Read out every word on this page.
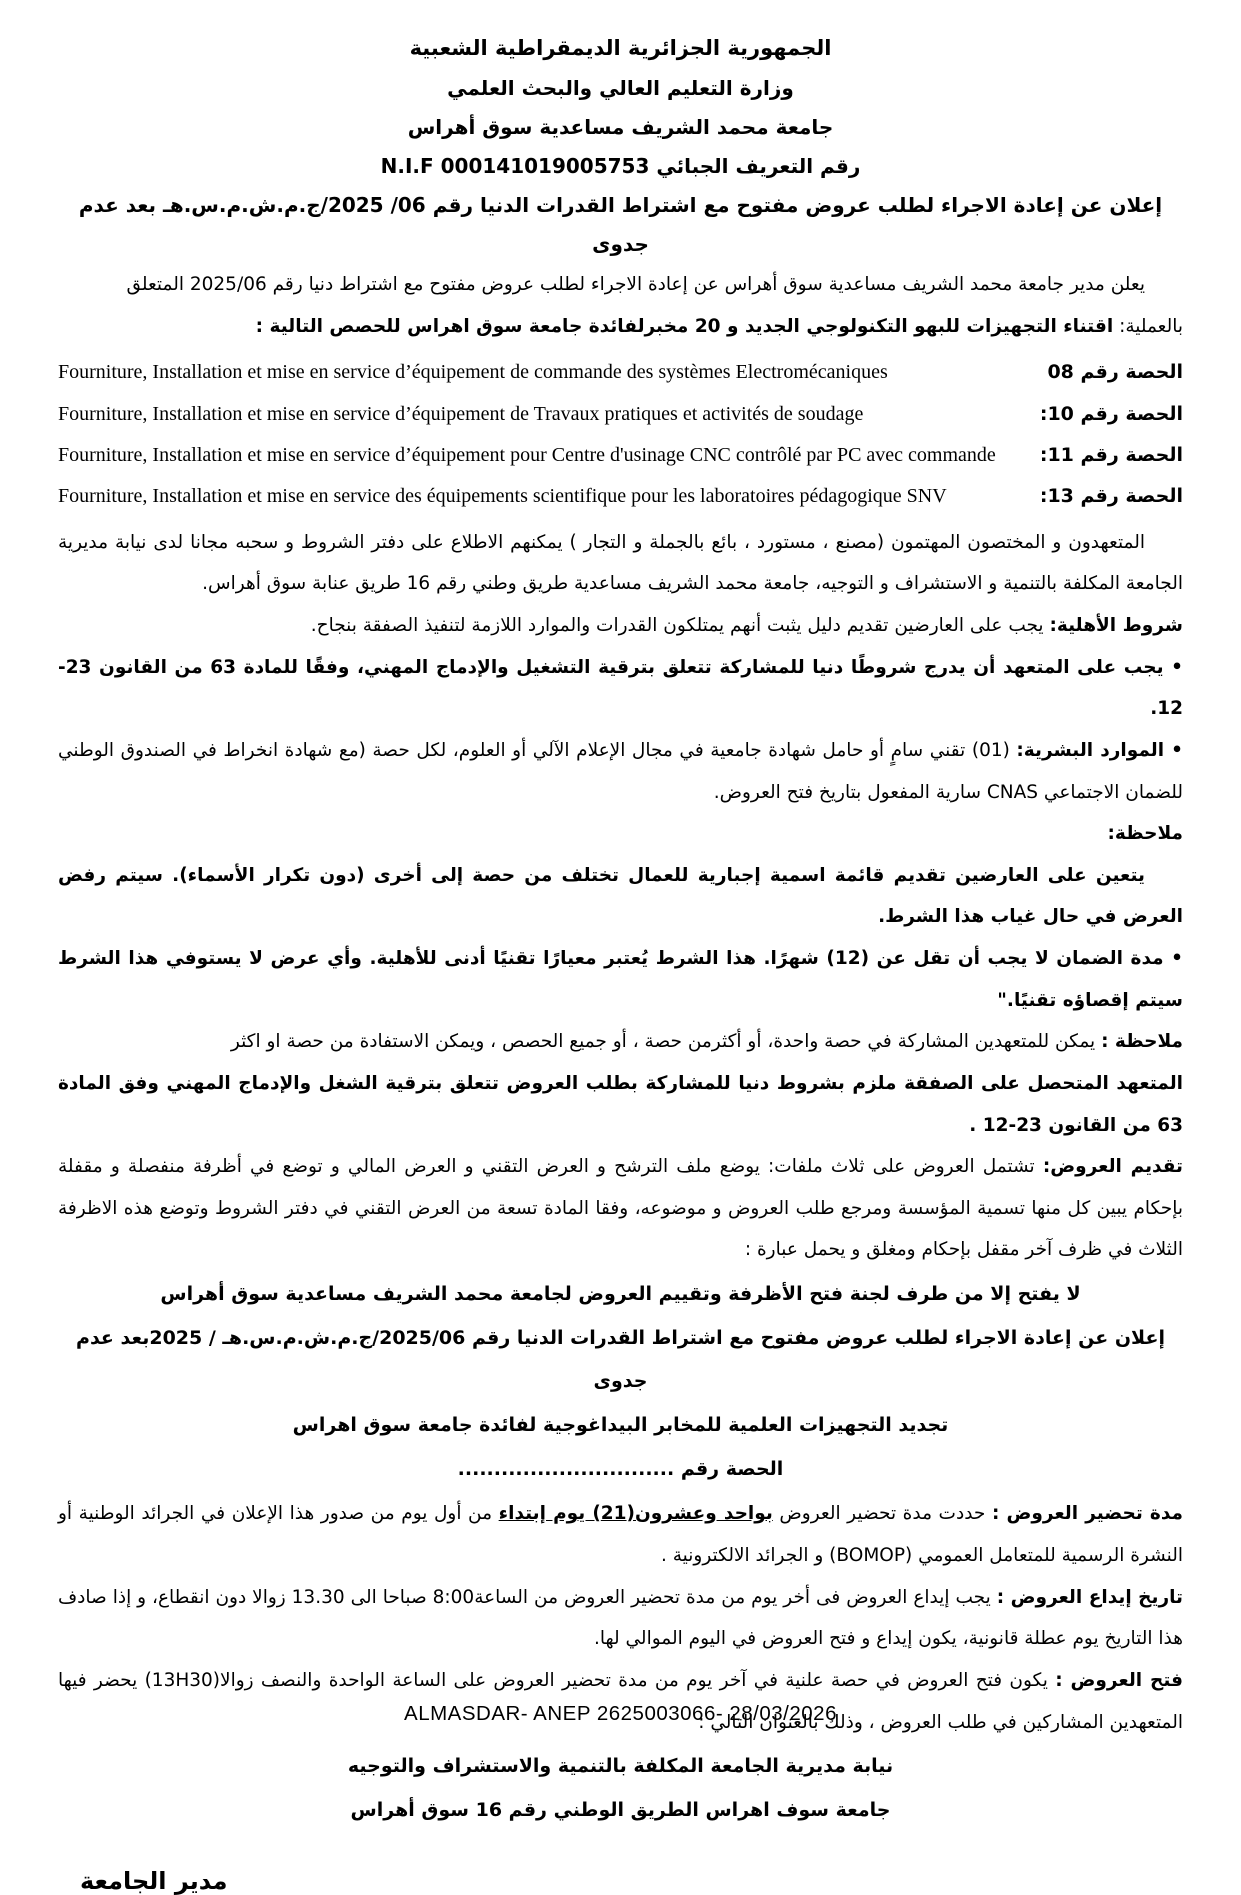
الجمهورية الجزائرية الديمقراطية الشعبية
وزارة التعليم العالي والبحث العلمي
جامعة محمد الشريف مساعدية سوق أهراس
رقم التعريف الجبائي N.I.F 000141019005753
إعلان عن إعادة الاجراء لطلب عروض مفتوح مع اشتراط القدرات الدنيا رقم 06/ 2025/ج.م.ش.م.س.هـ بعد عدم جدوى
يعلن مدير جامعة محمد الشريف مساعدية سوق أهراس عن إعادة الاجراء لطلب عروض مفتوح مع اشتراط دنيا رقم 2025/06 المتعلق
بالعملية: اقتناء التجهيزات للبهو التكنولوجي الجديد و 20 مخبرلفائدة جامعة سوق اهراس للحصص التالية :
الحصة رقم 08
Fourniture, Installation et mise en service d’équipement de commande des systèmes Electromécaniques
الحصة رقم 10:
Fourniture, Installation et mise en service d’équipement de Travaux pratiques et activités de soudage
الحصة رقم 11:
Fourniture, Installation et mise en service d’équipement pour Centre d'usinage CNC contrôlé par PC avec commande
الحصة رقم 13:
Fourniture, Installation et mise en service des équipements scientifique pour les laboratoires pédagogique SNV
المتعهدون و المختصون المهتمون (مصنع ، مستورد ، بائع بالجملة و التجار ) يمكنهم الاطلاع على دفتر الشروط و سحبه مجانا لدى نيابة مديرية الجامعة المكلفة بالتنمية و الاستشراف و التوجيه، جامعة محمد الشريف مساعدية طريق وطني رقم 16 طريق عنابة سوق أهراس.
شروط الأهلية: يجب على العارضين تقديم دليل يثبت أنهم يمتلكون القدرات والموارد اللازمة لتنفيذ الصفقة بنجاح.
• يجب على المتعهد أن يدرج شروطًا دنيا للمشاركة تتعلق بترقية التشغيل والإدماج المهني، وفقًا للمادة 63 من القانون 23-12.
• الموارد البشرية: (01) تقني سامٍ أو حامل شهادة جامعية في مجال الإعلام الآلي أو العلوم، لكل حصة (مع شهادة انخراط في الصندوق الوطني للضمان الاجتماعي CNAS سارية المفعول بتاريخ فتح العروض.
ملاحظة:
يتعين على العارضين تقديم قائمة اسمية إجبارية للعمال تختلف من حصة إلى أخرى (دون تكرار الأسماء). سيتم رفض العرض في حال غياب هذا الشرط.
• مدة الضمان لا يجب أن تقل عن (12) شهرًا. هذا الشرط يُعتبر معيارًا تقنيًا أدنى للأهلية. وأي عرض لا يستوفي هذا الشرط سيتم إقصاؤه تقنيًا."
ملاحظة : يمكن للمتعهدين المشاركة في حصة واحدة، أو أكثرمن حصة ، أو جميع الحصص ، ويمكن الاستفادة من حصة او اكثر
المتعهد المتحصل على الصفقة ملزم بشروط دنيا للمشاركة بطلب العروض تتعلق بترقية الشغل والإدماج المهني وفق المادة 63 من القانون 23-12 .
تقديم العروض: تشتمل العروض على ثلاث ملفات: يوضع ملف الترشح و العرض التقني و العرض المالي و توضع في أظرفة منفصلة و مقفلة بإحكام يبين كل منها تسمية المؤسسة ومرجع طلب العروض و موضوعه، وفقا المادة تسعة من العرض التقني في دفتر الشروط وتوضع هذه الاظرفة الثلاث في ظرف آخر مقفل بإحكام ومغلق و يحمل عبارة :
لا يفتح إلا من طرف لجنة فتح الأظرفة وتقييم العروض لجامعة محمد الشريف مساعدية سوق أهراس
إعلان عن إعادة الاجراء لطلب عروض مفتوح مع اشتراط القدرات الدنيا رقم 2025/06/ج.م.ش.م.س.هـ / 2025بعد عدم جدوى
تجديد التجهيزات العلمية للمخابر البيداغوجية لفائدة جامعة سوق اهراس
الحصة رقم ..............................
مدة تحضير العروض : حددت مدة تحضير العروض بواحد وعشرون(21) يوم إبتداء من أول يوم من صدور هذا الإعلان في الجرائد الوطنية أو النشرة الرسمية للمتعامل العمومي (BOMOP) و الجرائد الالكترونية .
تاريخ إيداع العروض : يجب إيداع العروض فى أخر يوم من مدة تحضير العروض من الساعة8:00 صباحا الى 13.30 زوالا دون انقطاع، و إذا صادف هذا التاريخ يوم عطلة قانونية، يكون إيداع و فتح العروض في اليوم الموالي لها.
فتح العروض : يكون فتح العروض في حصة علنية في آخر يوم من مدة تحضير العروض على الساعة الواحدة والنصف زوالا(13H30) يحضر فيها المتعهدين المشاركين في طلب العروض ، وذلك بالعنوان التالي :
نيابة مديرية الجامعة المكلفة بالتنمية والاستشراف والتوجيه
جامعة سوف اهراس الطريق الوطني رقم 16 سوق أهراس
مدير الجامعة
ALMASDAR- ANEP 2625003066- 28/03/2026
